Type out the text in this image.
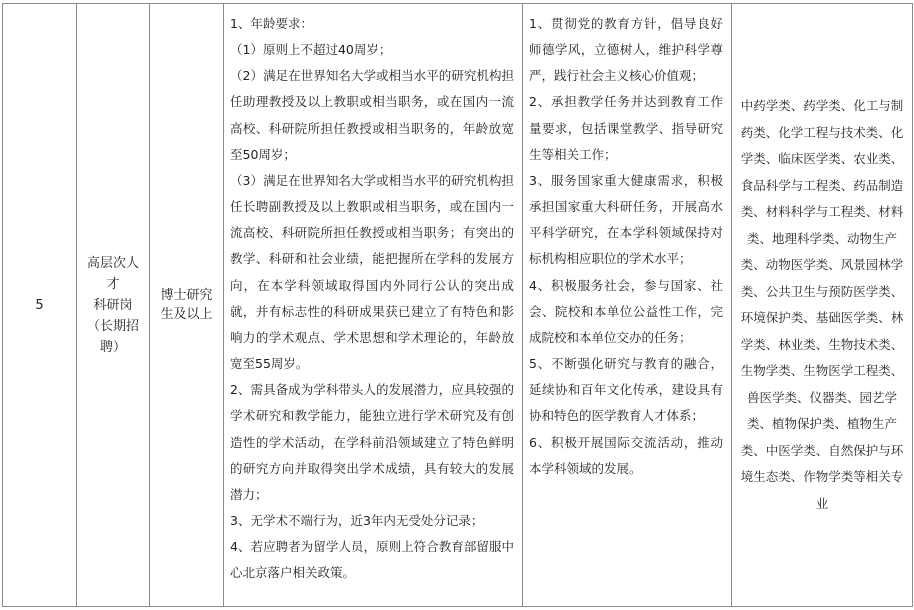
5
高层次人
才
科研岗
（长期招
聘）
博士研究生及以上

1、年龄要求：

（1）原则上不超过40周岁；

（2）满足在世界知名大学或相当水平的研究机构担任助理教授及以上教职或相当职务，或在国内一流高校、科研院所担任教授或相当职务的，年龄放宽至50周岁；

（3）满足在世界知名大学或相当水平的研究机构担任长聘副教授及以上教职或相当职务，或在国内一流高校、科研院所担任教授或相当职务；有突出的教学、科研和社会业绩，能把握所在学科的发展方向，在本学科领域取得国内外同行公认的突出成就，并有标志性的科研成果获已建立了有特色和影响力的学术观点、学术思想和学术理论的，年龄放宽至55周岁。

2、需具备成为学科带头人的发展潜力，应具较强的学术研究和教学能力，能独立进行学术研究及有创造性的学术活动，在学科前沿领域建立了特色鲜明的研究方向并取得突出学术成绩，具有较大的发展潜力；

3、无学术不端行为，近3年内无受处分记录；

4、若应聘者为留学人员，原则上符合教育部留服中心北京落户相关政策。

1、贯彻党的教育方针，倡导良好师德学风，立德树人，维护科学尊严，践行社会主义核心价值观；

2、承担教学任务并达到教育工作量要求，包括课堂教学、指导研究生等相关工作；

3、服务国家重大健康需求，积极承担国家重大科研任务，开展高水平科学研究，在本学科领域保持对标机构相应职位的学术水平；

4、积极服务社会，参与国家、社会、院校和本单位公益性工作，完成院校和本单位交办的任务；

5、不断强化研究与教育的融合，延续协和百年文化传承，建设具有协和特色的医学教育人才体系；

6、积极开展国际交流活动，推动本学科领域的发展。

中药学类、药学类、化工与制药类、化学工程与技术类、化学类、临床医学类、农业类、食品科学与工程类、药品制造类、材料科学与工程类、材料类、地理科学类、动物生产类、动物医学类、风景园林学类、公共卫生与预防医学类、环境保护类、基础医学类、林学类、林业类、生物技术类、生物学类、生物医学工程类、兽医学类、仪器类、园艺学类、植物保护类、植物生产类、中医学类、自然保护与环境生态类、作物学类等相关专业
